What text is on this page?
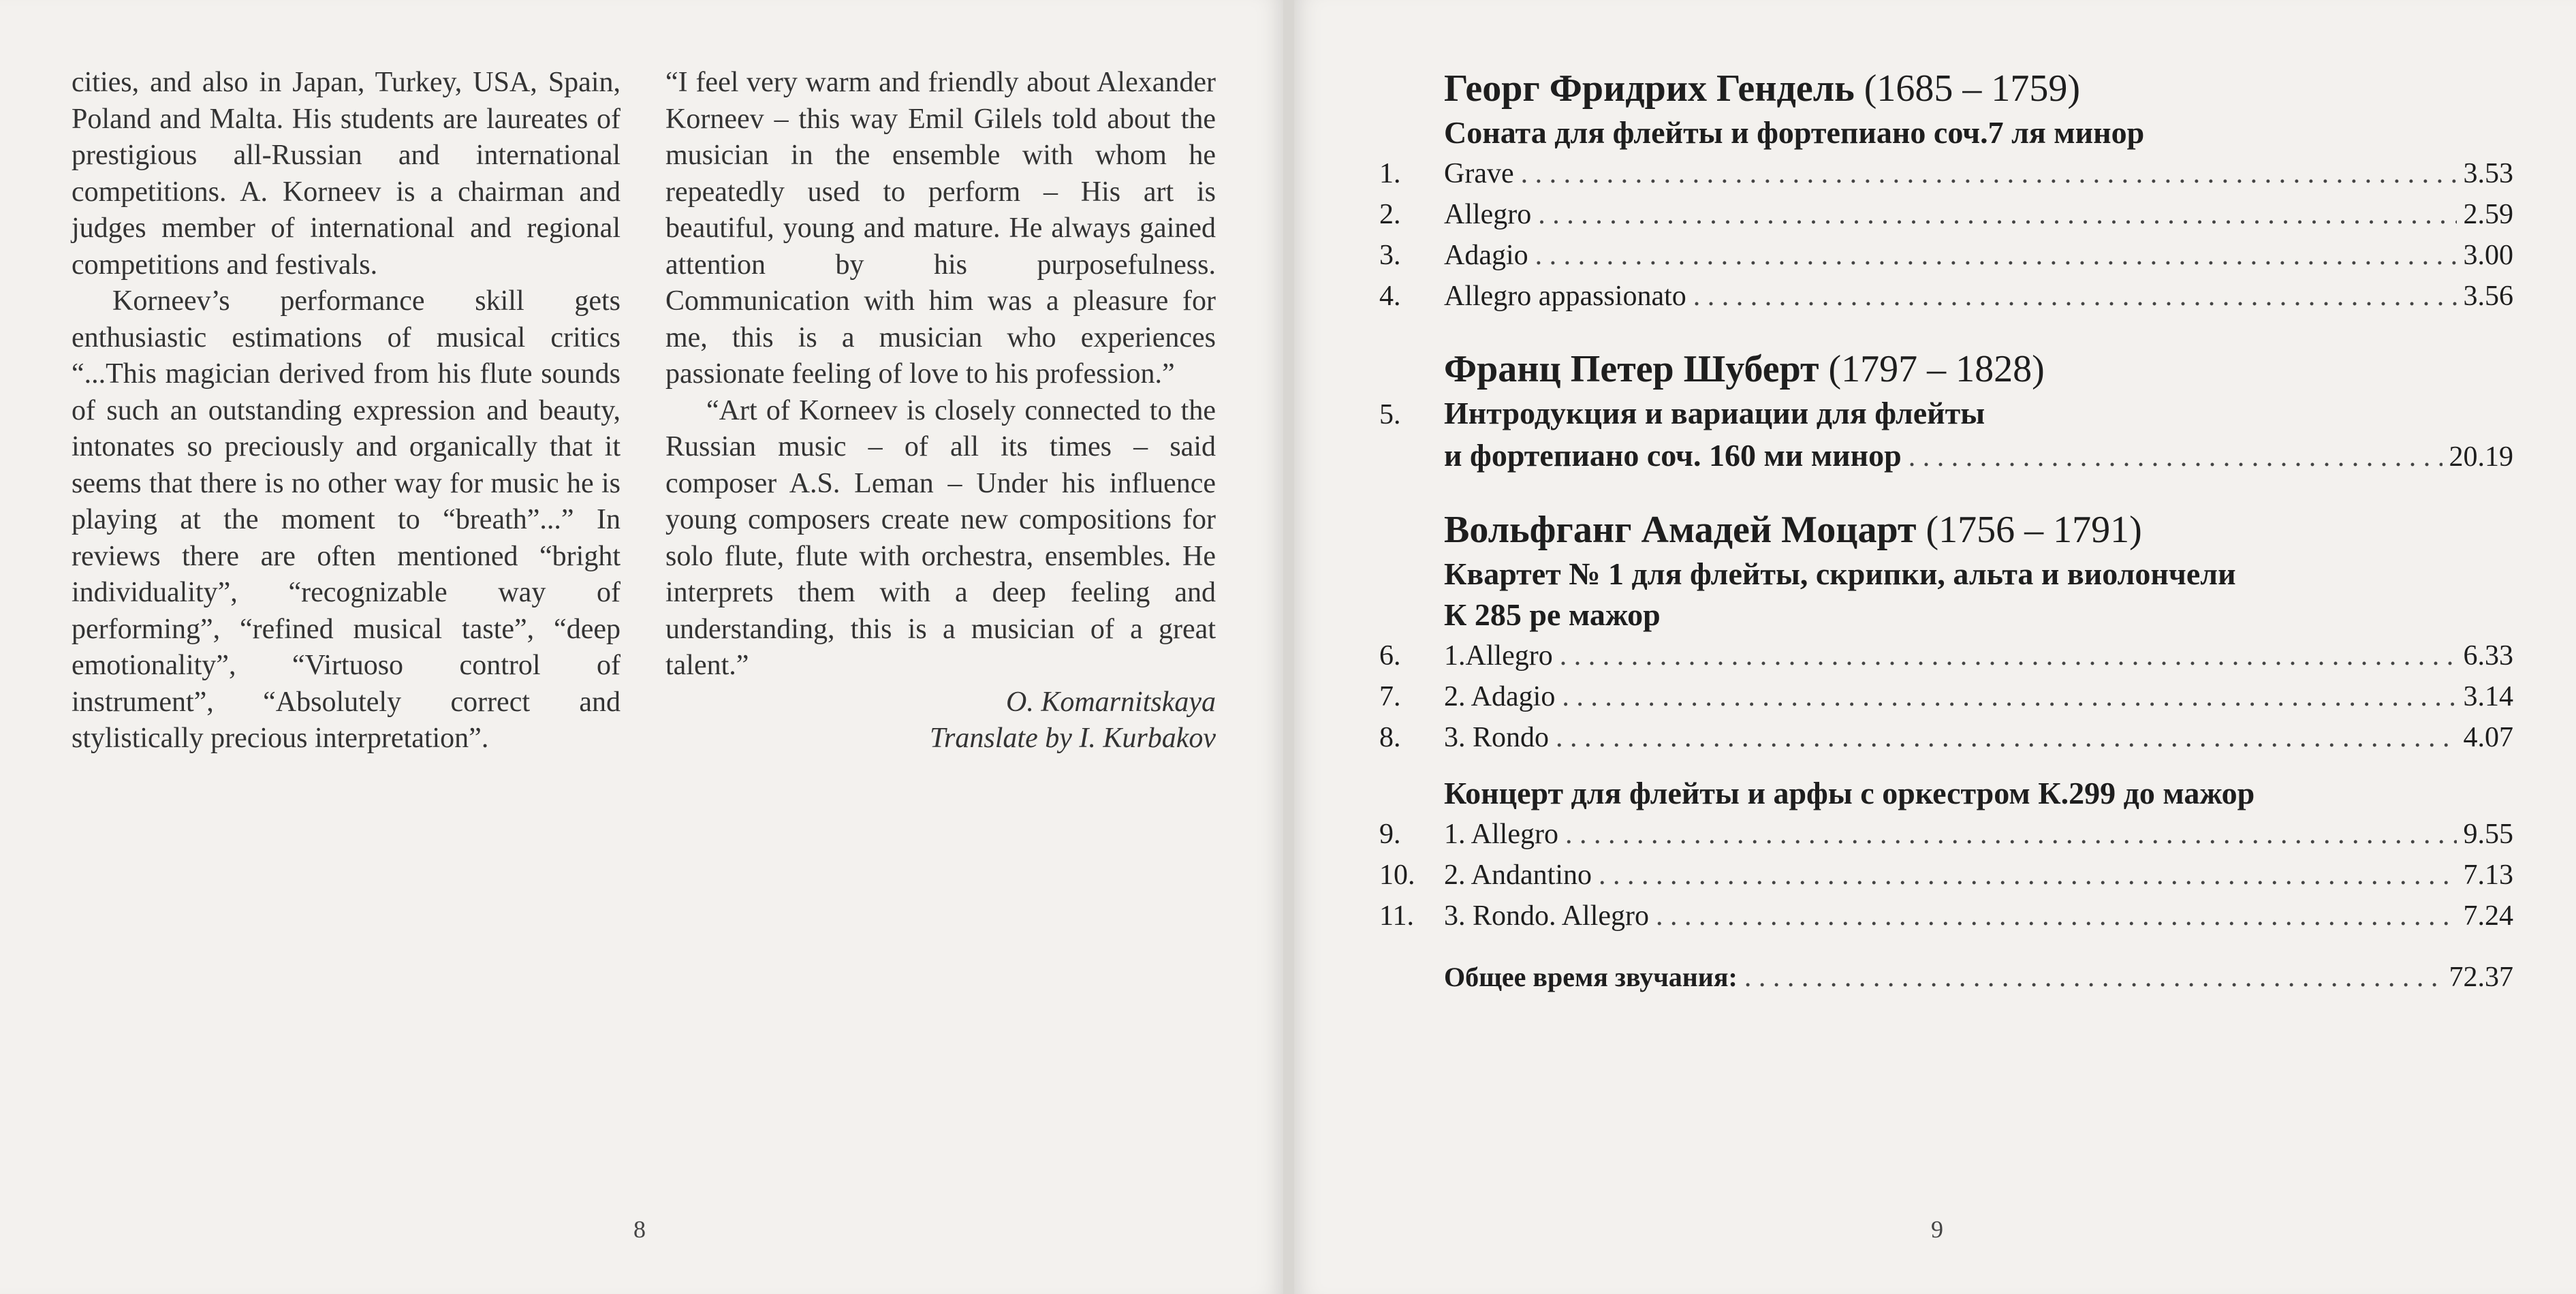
cities, and also in Japan, Turkey, USA, Spain, Poland and Malta. His students are laureates of prestigious all-Russian and international competitions. A. Korneev is a chairman and judges member of international and regional competitions and festivals.

Korneev’s performance skill gets enthusiastic estimations of musical critics “...This magician derived from his flute sounds of such an outstanding expression and beauty, intonates so preciously and organically that it seems that there is no other way for music he is playing at the moment to “breath”...” In reviews there are often mentioned “bright individuality”, “recognizable way of performing”, “refined musical taste”, “deep emotionality”, “Virtuoso control of instrument”, “Absolutely correct and stylistically precious interpretation”.

“I feel very warm and friendly about Alexander Korneev – this way Emil Gilels told about the musician in the ensemble with whom he repeatedly used to perform – His art is beautiful, young and mature. He always gained attention by his purposefulness. Communication with him was a pleasure for me, this is a musician who experiences passionate feeling of love to his profession.”

“Art of Korneev is closely connected to the Russian music – of all its times – said composer A.S. Leman – Under his influence young composers create new compositions for solo flute, flute with orchestra, ensembles. He interprets them with a deep feeling and understanding, this is a musician of a great talent.”

O. Komarnitskaya

Translate by I. Kurbakov

8	9
Георг Фридрих Гендель (1685 – 1759)
Соната для флейты и фортепиано соч.7 ля минор
1.	Grave . . .	3.53
2.	Allegro . . .	2.59
3.	Adagio . . .	3.00
4.	Allegro appassionato . . .	3.56
Франц Петер Шуберт (1797 – 1828)
5.	Интродукция и вариации для флейты
и фортепиано соч. 160 ми минор . . .	20.19
Вольфганг Амадей Моцарт (1756 – 1791)
Квартет № 1 для флейты, скрипки, альта и виолончели
К 285 ре мажор
6.	1.Allegro . . .	6.33
7.	2. Adagio . . .	3.14
8.	3. Rondo . . .	4.07
Концерт для флейты и арфы с оркестром К.299 до мажор
9.	1. Allegro . . .	9.55
10.	2. Andantino . . .	7.13
11.	3. Rondo. Allegro . . .	7.24
Общее время звучания: . . .	72.37
